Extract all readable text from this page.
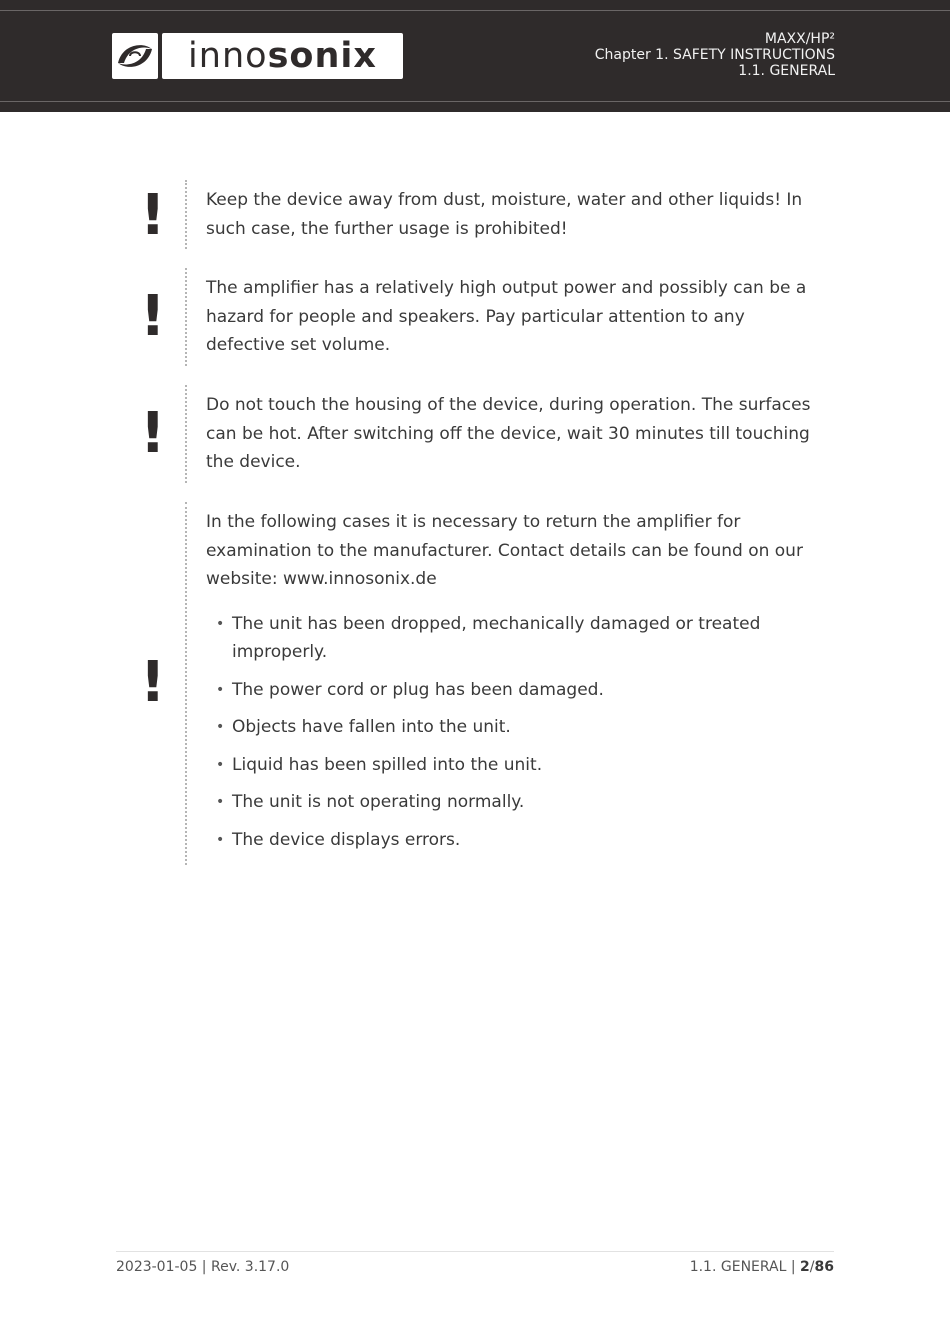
inno sonix	MAXX/HP²
Chapter 1. SAFETY INSTRUCTIONS
1.1. GENERAL
! Keep the device away from dust, moisture, water and other liquids! In such case, the further usage is prohibited!
! The amplifier has a relatively high output power and possibly can be a hazard for people and speakers. Pay particular attention to any defective set volume.
! Do not touch the housing of the device, during operation. The surfaces can be hot. After switching off the device, wait 30 minutes till touching the device.
!
In the following cases it is necessary to return the amplifier for examination to the manufacturer. Contact details can be found on our website: www.innosonix.de
• The unit has been dropped, mechanically damaged or treated improperly.
• The power cord or plug has been damaged.
• Objects have fallen into the unit.
• Liquid has been spilled into the unit.
• The unit is not operating normally.
• The device displays errors.
2023-01-05 | Rev. 3.17.0	1.1. GENERAL | 2/86
